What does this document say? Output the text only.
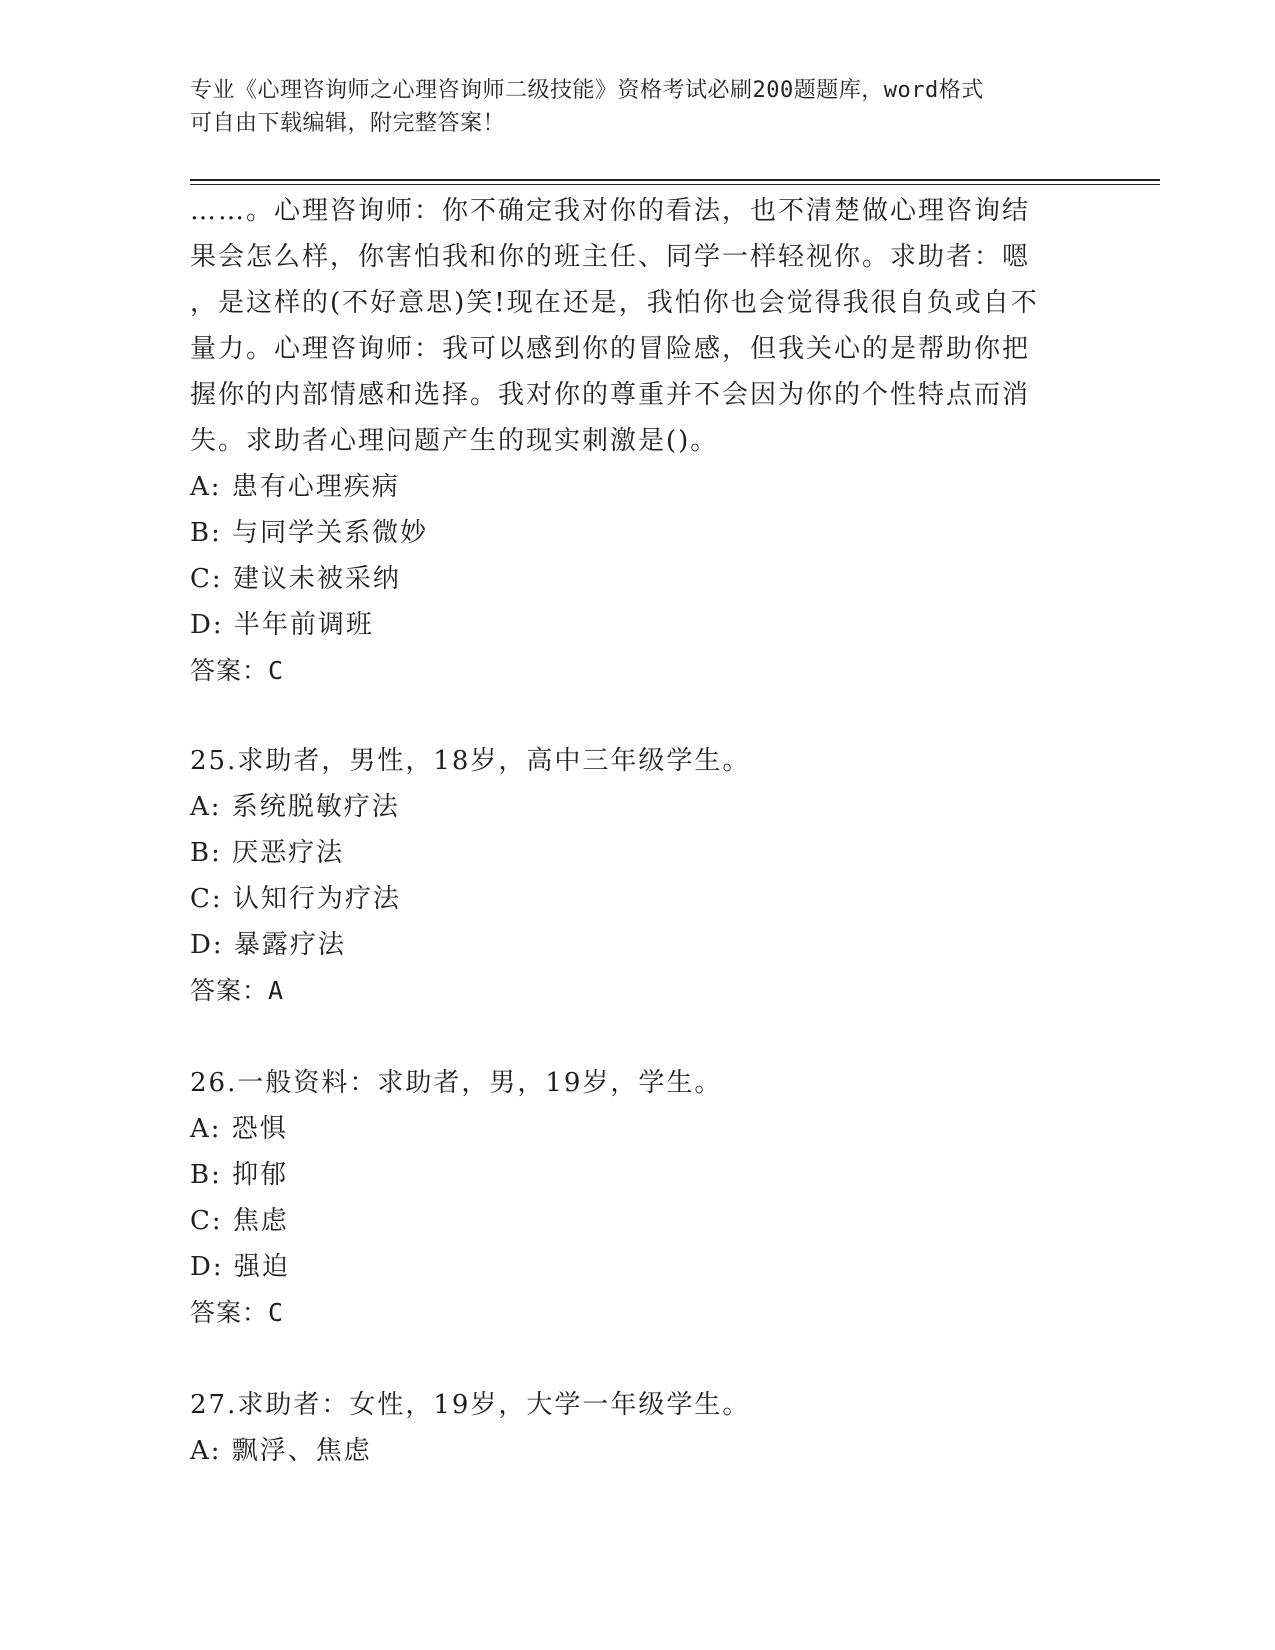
专业《心理咨询师之心理咨询师二级技能》资格考试必刷200题题库，word格式
可自由下载编辑，附完整答案！
……。心理咨询师：你不确定我对你的看法，也不清楚做心理咨询结
果会怎么样，你害怕我和你的班主任、同学一样轻视你。求助者：嗯
，是这样的(不好意思)笑!现在还是，我怕你也会觉得我很自负或自不
量力。心理咨询师：我可以感到你的冒险感，但我关心的是帮助你把
握你的内部情感和选择。我对你的尊重并不会因为你的个性特点而消
失。求助者心理问题产生的现实刺激是()。
A: 患有心理疾病
B: 与同学关系微妙
C: 建议未被采纳
D: 半年前调班
答案：C
25.求助者，男性，18岁，高中三年级学生。
A: 系统脱敏疗法
B: 厌恶疗法
C: 认知行为疗法
D: 暴露疗法
答案：A
26.一般资料：求助者，男，19岁，学生。
A: 恐惧
B: 抑郁
C: 焦虑
D: 强迫
答案：C
27.求助者：女性，19岁，大学一年级学生。
A: 飘浮、焦虑
